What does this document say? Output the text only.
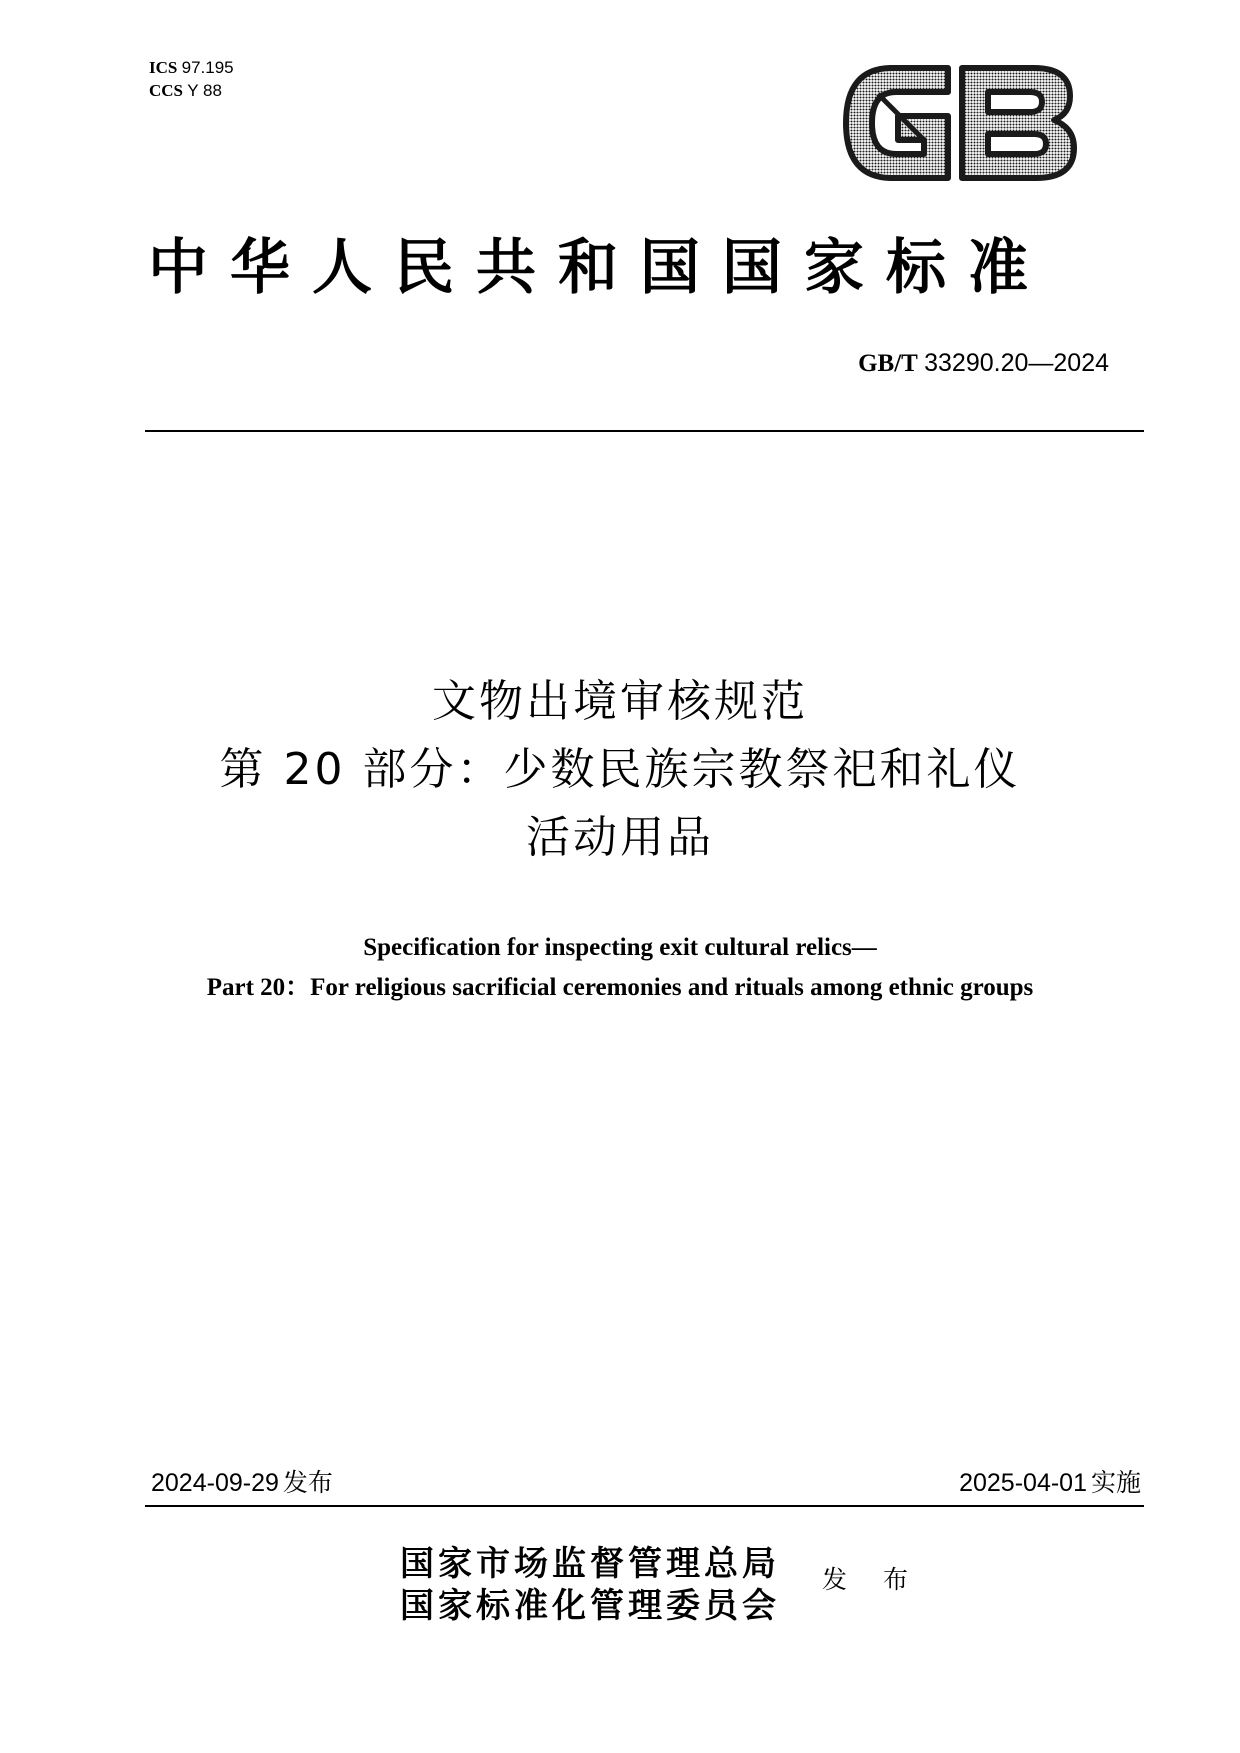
ICS 97.195
CCS Y 88
中华人民共和国国家标准
GB/T 33290.20—2024
文物出境审核规范
第 20 部分：少数民族宗教祭祀和礼仪
活动用品
Specification for inspecting exit cultural relics—
Part 20：For religious sacrificial ceremonies and rituals among ethnic groups
2024-09-29 发布	2025-04-01 实施
国家市场监督管理总局
国家标准化管理委员会
发 布
